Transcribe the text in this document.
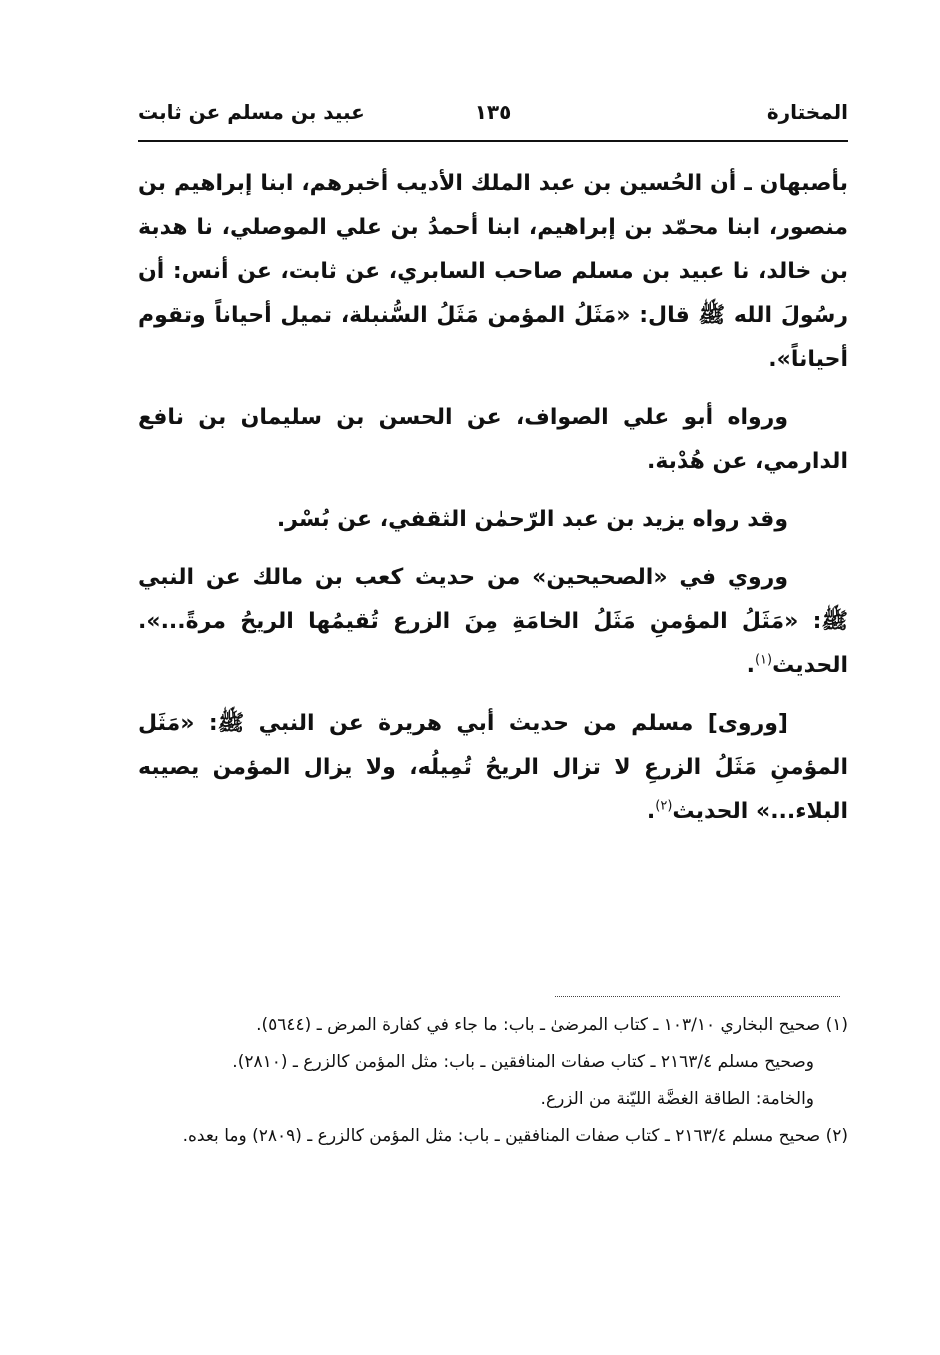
المختارة
١٣٥
عبيد بن مسلم عن ثابت

بأصبهان ـ أن الحُسين بن عبد الملك الأديب أخبرهم، ابنا إبراهيم بن منصور، ابنا محمّد بن إبراهيم، ابنا أحمدُ بن علي الموصلي، نا هدبة بن خالد، نا عبيد بن مسلم صاحب السابري، عن ثابت، عن أنس: أن رسُولَ الله ﷺ قال: «مَثَلُ المؤمن مَثَلُ السُّنبلة، تميل أحياناً وتقوم أحياناً».

ورواه أبو علي الصواف، عن الحسن بن سليمان بن نافع الدارمي، عن هُدْبة.

وقد رواه يزيد بن عبد الرّحمٰن الثقفي، عن بُسْر.

وروي في «الصحيحين» من حديث كعب بن مالك عن النبي ﷺ: «مَثَلُ المؤمنِ مَثَلُ الخامَةِ مِنَ الزرع تُقيمُها الريحُ مرةً...». الحديث$^{(١)}$.

[وروى] مسلم من حديث أبي هريرة عن النبي ﷺ: «مَثَل المؤمنِ مَثَلُ الزرعِ لا تزال الريحُ تُمِيلُه، ولا يزال المؤمن يصيبه البلاء...» الحديث$^{(٢)}$.

(١) صحيح البخاري ١٠٣/١٠ ـ كتاب المرضىٰ ـ باب: ما جاء في كفارة المرض ـ (٥٦٤٤).

وصحيح مسلم ٢١٦٣/٤ ـ كتاب صفات المنافقين ـ باب: مثل المؤمن كالزرع ـ (٢٨١٠).

والخامة: الطاقة الغضَّة الليّنة من الزرع.

(٢) صحيح مسلم ٢١٦٣/٤ ـ كتاب صفات المنافقين ـ باب: مثل المؤمن كالزرع ـ (٢٨٠٩) وما بعده.
